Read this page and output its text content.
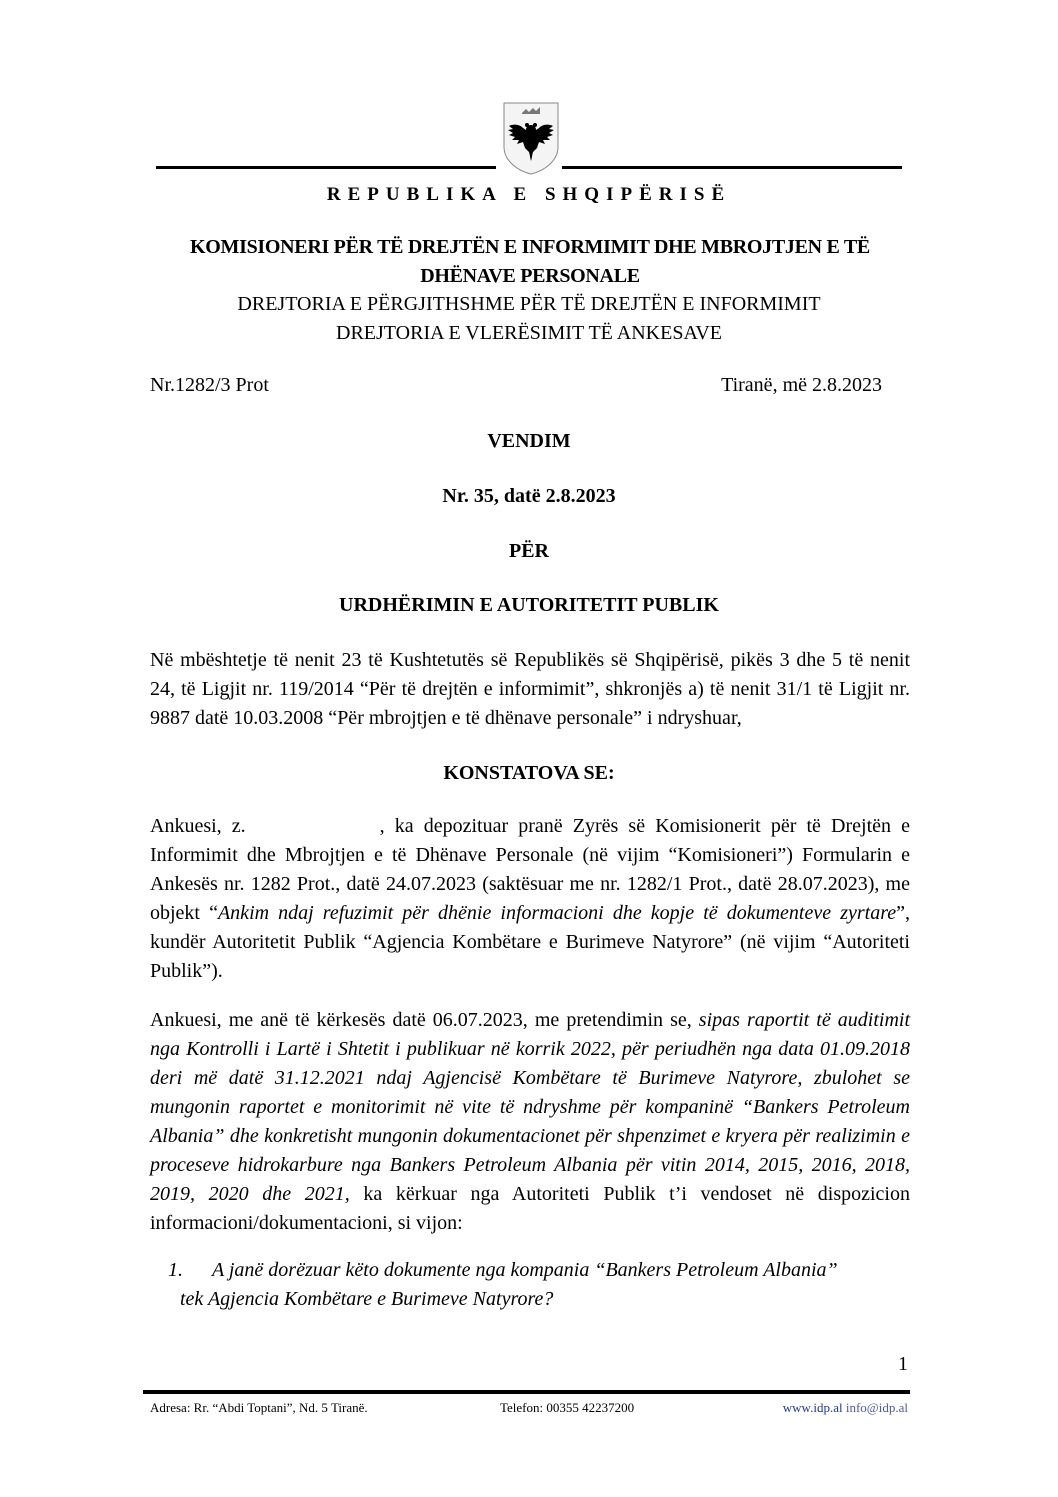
REPUBLIKA E SHQIPËRISË
KOMISIONERI PËR TË DREJTËN E INFORMIMIT DHE MBROJTJEN E TË
DHËNAVE PERSONALE
DREJTORIA E PËRGJITHSHME PËR TË DREJTËN E INFORMIMIT
DREJTORIA E VLERËSIMIT TË ANKESAVE
Nr.1282/3 Prot	Tiranë, më 2.8.2023
VENDIM
Nr. 35, datë 2.8.2023
PËR
URDHËRIMIN E AUTORITETIT PUBLIK
Në mbështetje të nenit 23 të Kushtetutës së Republikës së Shqipërisë, pikës 3 dhe 5 të nenit 24, të Ligjit nr. 119/2014 “Për të drejtën e informimit”, shkronjës a) të nenit 31/1 të Ligjit nr. 9887 datë 10.03.2008 “Për mbrojtjen e të dhënave personale” i ndryshuar,
KONSTATOVA SE:
Ankuesi, z.	, ka depozituar pranë Zyrës së Komisionerit për të Drejtën e Informimit dhe Mbrojtjen e të Dhënave Personale (në vijim “Komisioneri”) Formularin e Ankesës nr. 1282 Prot., datë 24.07.2023 (saktësuar me nr. 1282/1 Prot., datë 28.07.2023), me objekt “Ankim ndaj refuzimit për dhënie informacioni dhe kopje të dokumenteve zyrtare”, kundër Autoritetit Publik “Agjencia Kombëtare e Burimeve Natyrore” (në vijim “Autoriteti Publik”).
Ankuesi, me anë të kërkesës datë 06.07.2023, me pretendimin se, sipas raportit të auditimit nga Kontrolli i Lartë i Shtetit i publikuar në korrik 2022, për periudhën nga data 01.09.2018 deri më datë 31.12.2021 ndaj Agjencisë Kombëtare të Burimeve Natyrore, zbulohet se mungonin raportet e monitorimit në vite të ndryshme për kompaninë “Bankers Petroleum Albania” dhe konkretisht mungonin dokumentacionet për shpenzimet e kryera për realizimin e proceseve hidrokarbure nga Bankers Petroleum Albania për vitin 2014, 2015, 2016, 2018, 2019, 2020 dhe 2021, ka kërkuar nga Autoriteti Publik t’i vendoset në dispozicion informacioni/dokumentacioni, si vijon:
1. A janë dorëzuar këto dokumente nga kompania “Bankers Petroleum Albania”
tek Agjencia Kombëtare e Burimeve Natyrore?
1
Adresa: Rr. “Abdi Toptani”, Nd. 5 Tiranë.	Telefon: 00355 42237200	www.idp.al info@idp.al
